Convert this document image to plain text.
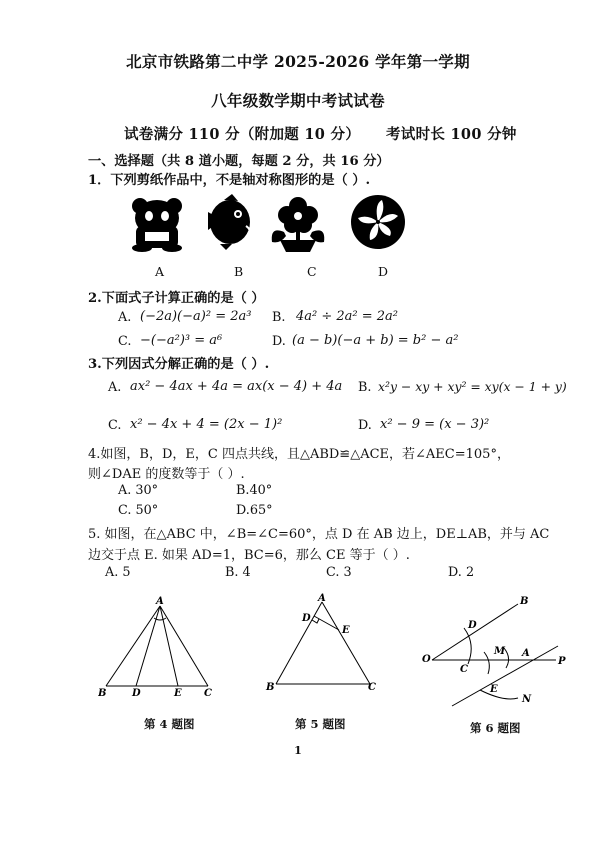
北京市铁路第二中学 2025-2026 学年第一学期
八年级数学期中考试试卷
试卷满分 110 分（附加题 10 分） 考试时长 100 分钟
一、选择题（共 8 道小题，每题 2 分，共 16 分）
1．下列剪纸作品中，不是轴对称图形的是（ ）.
A	B	C	D
2.下面式子计算正确的是（ ）
A. (−2a)(−a)² = 2a³ B. 4a² ÷ 2a² = 2a²
C. −(−a²)³ = a⁶	D. (a − b)(−a + b) = b² − a²
3.下列因式分解正确的是（ ）.
A. ax² − 4ax + 4a = ax(x − 4) + 4a B. x²y − xy + xy² = xy(x − 1 + y)
C. x² − 4x + 4 = (2x − 1)²	D. x² − 9 = (x − 3)²
4.如图，B，D，E，C 四点共线，且△ABD≌△ACE，若∠AEC=105°，
则∠DAE 的度数等于（ ）.
A. 30°	B.40°
C. 50°	D.65°
5. 如图，在△ABC 中，∠B=∠C=60°，点 D 在 AB 边上，DE⊥AB，并与 AC
边交于点 E. 如果 AD=1，BC=6，那么 CE 等于（ ）.
A. 5	B. 4	C. 3	D. 2
A
B	D	E C
第 4 题图
A
D
E
B	C
第 5 题图
D
B
O
C
M A
P
E
N
第 6 题图
1
